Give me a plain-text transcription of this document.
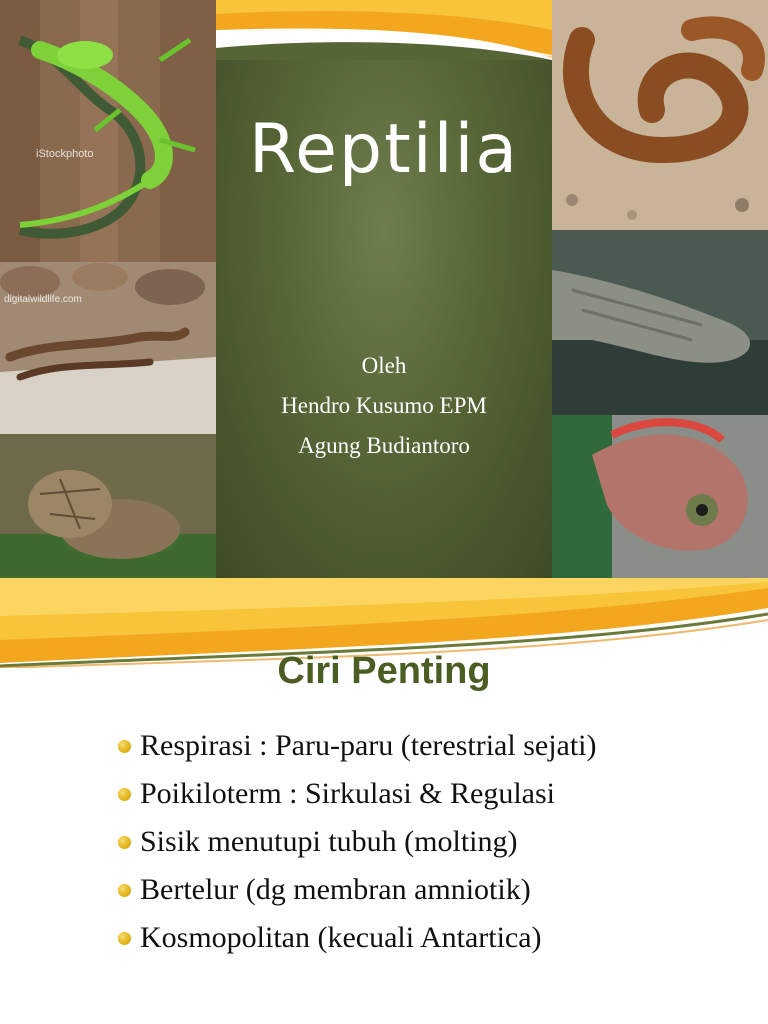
Reptilia
Oleh
Hendro Kusumo EPM
Agung Budiantoro
iStockphoto
digitalwildlife.com
Ciri Penting
Respirasi : Paru-paru (terestrial sejati)
Poikiloterm : Sirkulasi & Regulasi
Sisik menutupi tubuh (molting)
Bertelur (dg membran amniotik)
Kosmopolitan (kecuali Antartica)
